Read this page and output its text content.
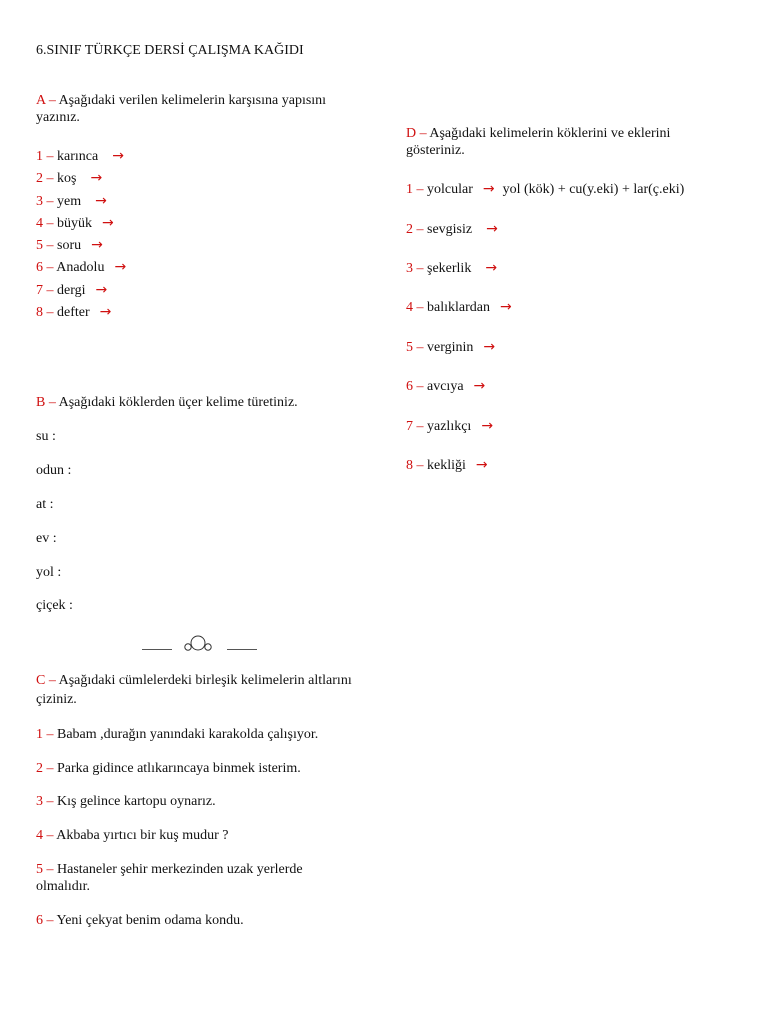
6.SINIF TÜRKÇE DERSİ ÇALIŞMA KAĞIDI
A – Aşağıdaki verilen kelimelerin karşısına yapısını yazınız.
1 – karınca →
2 – koş →
3 – yem →
4 – büyük →
5 – soru →
6 – Anadolu →
7 – dergi →
8 – defter →
B – Aşağıdaki köklerden üçer kelime türetiniz.
su :
odun :
at :
ev :
yol :
çiçek :
C – Aşağıdaki cümlelerdeki birleşik kelimelerin altlarını çiziniz.
1 – Babam ,durağın yanındaki karakolda çalışıyor.
2 – Parka gidince atlıkarıncaya binmek isterim.
3 – Kış gelince kartopu oynarız.
4 – Akbaba yırtıcı bir kuş mudur ?
5 – Hastaneler şehir merkezinden uzak yerlerde olmalıdır.
6 – Yeni çekyat benim odama kondu.
D – Aşağıdaki kelimelerin köklerini ve eklerini gösteriniz.
1 – yolcular → yol (kök) + cu(y.eki) + lar(ç.eki)
2 – sevgisiz →
3 – şekerlik →
4 – balıklardan →
5 – verginin →
6 – avcıya →
7 – yazlıkçı →
8 – kekliği →
